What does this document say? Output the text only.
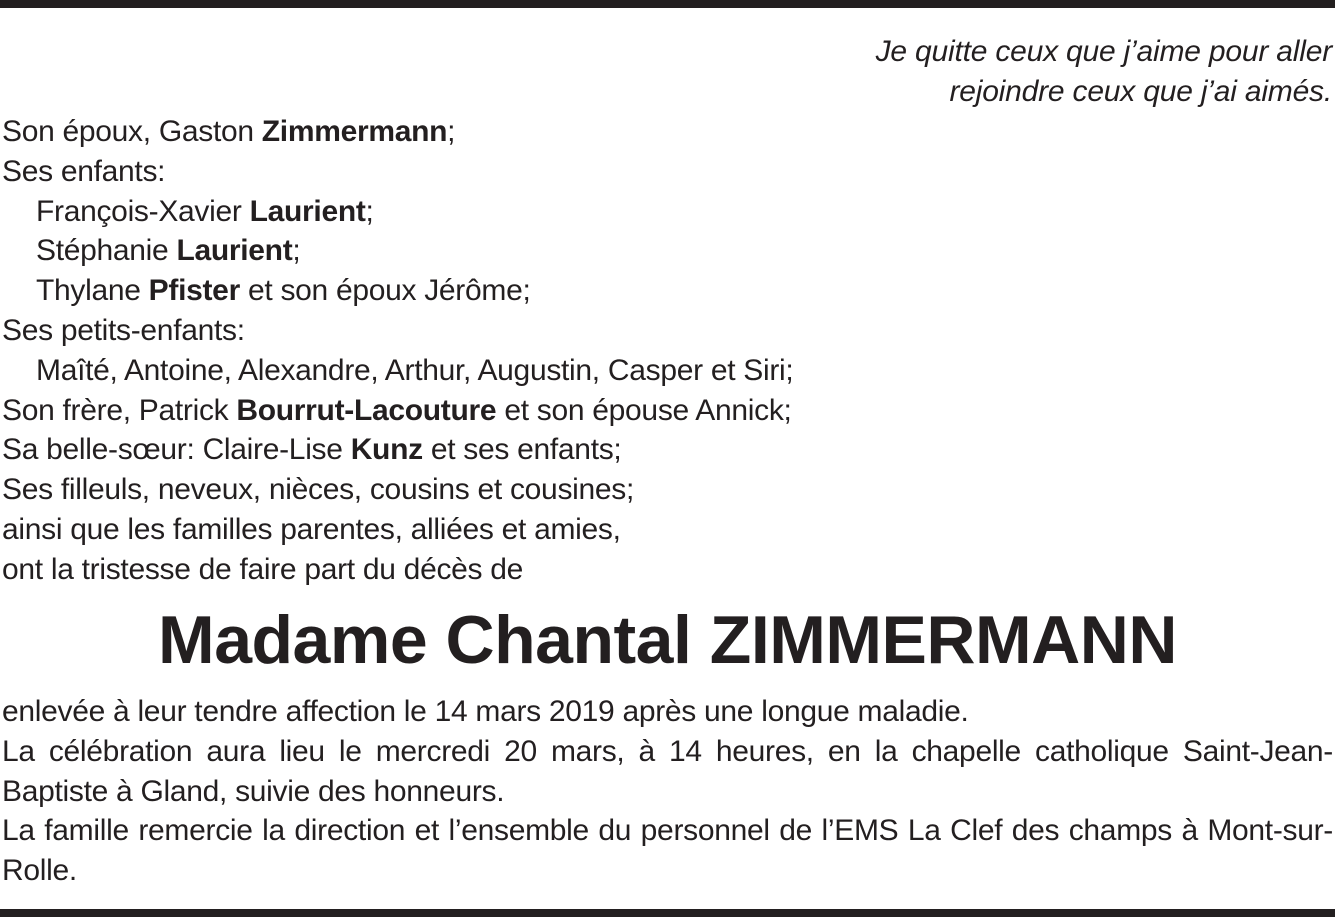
Je quitte ceux que j’aime pour aller
rejoindre ceux que j’ai aimés.
Son époux, Gaston Zimmermann;
Ses enfants:
François-Xavier Laurient;
Stéphanie Laurient;
Thylane Pfister et son époux Jérôme;
Ses petits-enfants:
Maîté, Antoine, Alexandre, Arthur, Augustin, Casper et Siri;
Son frère, Patrick Bourrut-Lacouture et son épouse Annick;
Sa belle-sœur: Claire-Lise Kunz et ses enfants;
Ses filleuls, neveux, nièces, cousins et cousines;
ainsi que les familles parentes, alliées et amies,
ont la tristesse de faire part du décès de
Madame Chantal ZIMMERMANN

enlevée à leur tendre affection le 14 mars 2019 après une longue maladie.

La célébration aura lieu le mercredi 20 mars, à 14 heures, en la chapelle catholique Saint-Jean-Baptiste à Gland, suivie des honneurs.

La famille remercie la direction et l’ensemble du personnel de l’EMS La Clef des champs à Mont-sur-Rolle.
